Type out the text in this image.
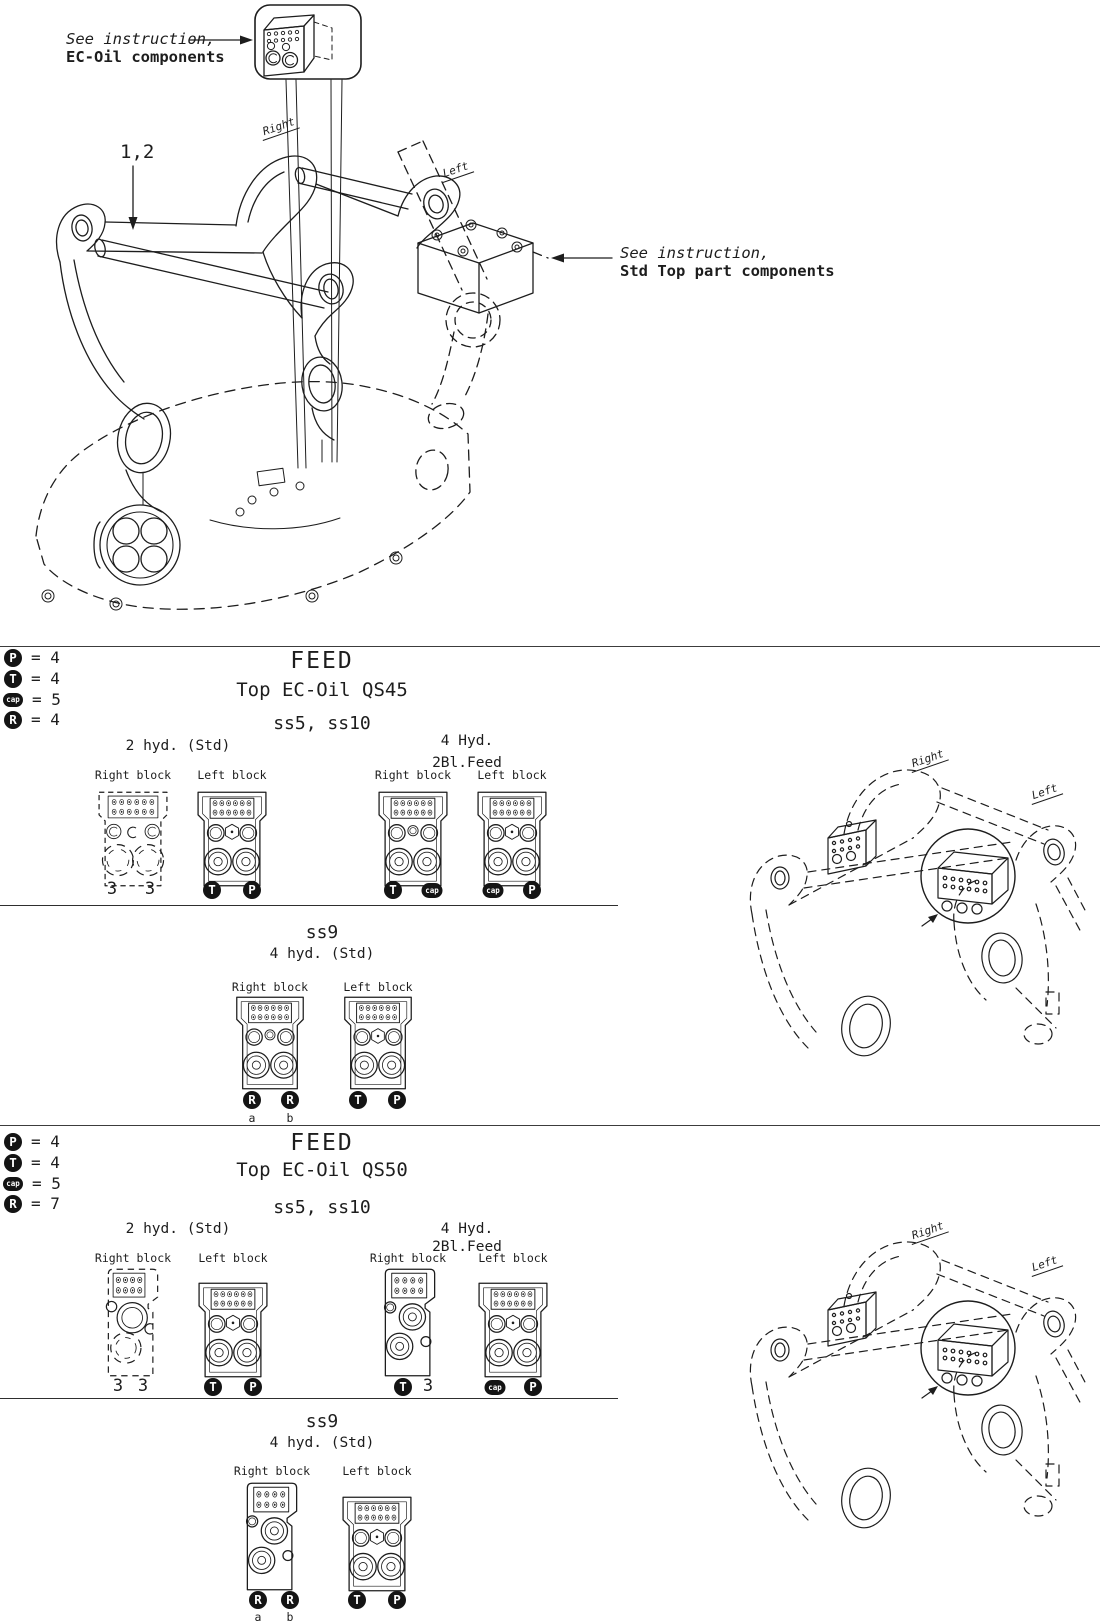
See instruction,
EC-Oil components
See instruction,
Std Top part components
1,2
Right
Left
P = 4
T = 4
cap = 5
R = 4
FEED
Top EC-Oil QS45
ss5, ss10
2 hyd. (Std)	4 Hyd.
2Bl.Feed
Right block	Left block	Right block	Left block
3 3	T	P	T	cap	cap	P
ss9
4 hyd. (Std)
Right block	Left block
R	R
a	b
T	P
Right
Left
P = 4
T = 4
cap = 5
R = 7
FEED
Top EC-Oil QS50
ss5, ss10
2 hyd. (Std)	4 Hyd.
2Bl.Feed
Right block	Left block	Right block	Left block
3 3	T	P	T 3	cap	P
ss9
4 hyd. (Std)
Right block	Left block
R	R
a b
T	P
Right
Left
